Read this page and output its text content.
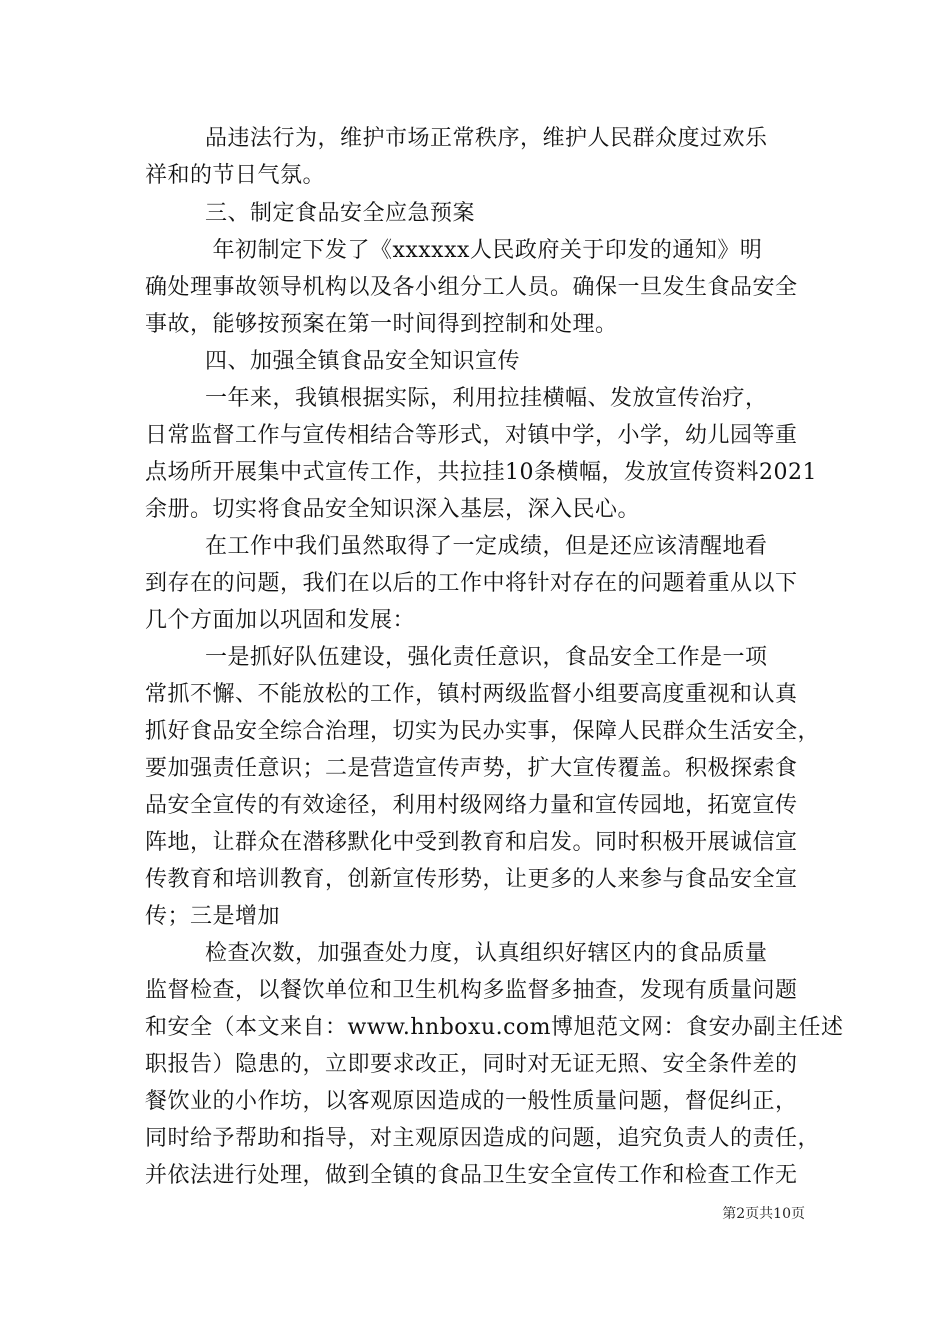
品违法行为，维护市场正常秩序，维护人民群众度过欢乐
祥和的节日气氛。
三、制定食品安全应急预案
年初制定下发了《xxxxxx人民政府关于印发的通知》明
确处理事故领导机构以及各小组分工人员。确保一旦发生食品安全
事故，能够按预案在第一时间得到控制和处理。
四、加强全镇食品安全知识宣传
一年来，我镇根据实际，利用拉挂横幅、发放宣传治疗，
日常监督工作与宣传相结合等形式，对镇中学，小学，幼儿园等重
点场所开展集中式宣传工作，共拉挂10条横幅，发放宣传资料2021
余册。切实将食品安全知识深入基层，深入民心。
在工作中我们虽然取得了一定成绩，但是还应该清醒地看
到存在的问题，我们在以后的工作中将针对存在的问题着重从以下
几个方面加以巩固和发展：
一是抓好队伍建设，强化责任意识，食品安全工作是一项
常抓不懈、不能放松的工作，镇村两级监督小组要高度重视和认真
抓好食品安全综合治理，切实为民办实事，保障人民群众生活安全，
要加强责任意识；二是营造宣传声势，扩大宣传覆盖。积极探索食
品安全宣传的有效途径，利用村级网络力量和宣传园地，拓宽宣传
阵地，让群众在潜移默化中受到教育和启发。同时积极开展诚信宣
传教育和培训教育，创新宣传形势，让更多的人来参与食品安全宣
传；三是增加
检查次数，加强查处力度，认真组织好辖区内的食品质量
监督检查，以餐饮单位和卫生机构多监督多抽查，发现有质量问题
和安全（本文来自：www.hnboxu.com博旭范文网：食安办副主任述
职报告）隐患的，立即要求改正，同时对无证无照、安全条件差的
餐饮业的小作坊，以客观原因造成的一般性质量问题，督促纠正，
同时给予帮助和指导，对主观原因造成的问题，追究负责人的责任，
并依法进行处理，做到全镇的食品卫生安全宣传工作和检查工作无
第2页共10页
